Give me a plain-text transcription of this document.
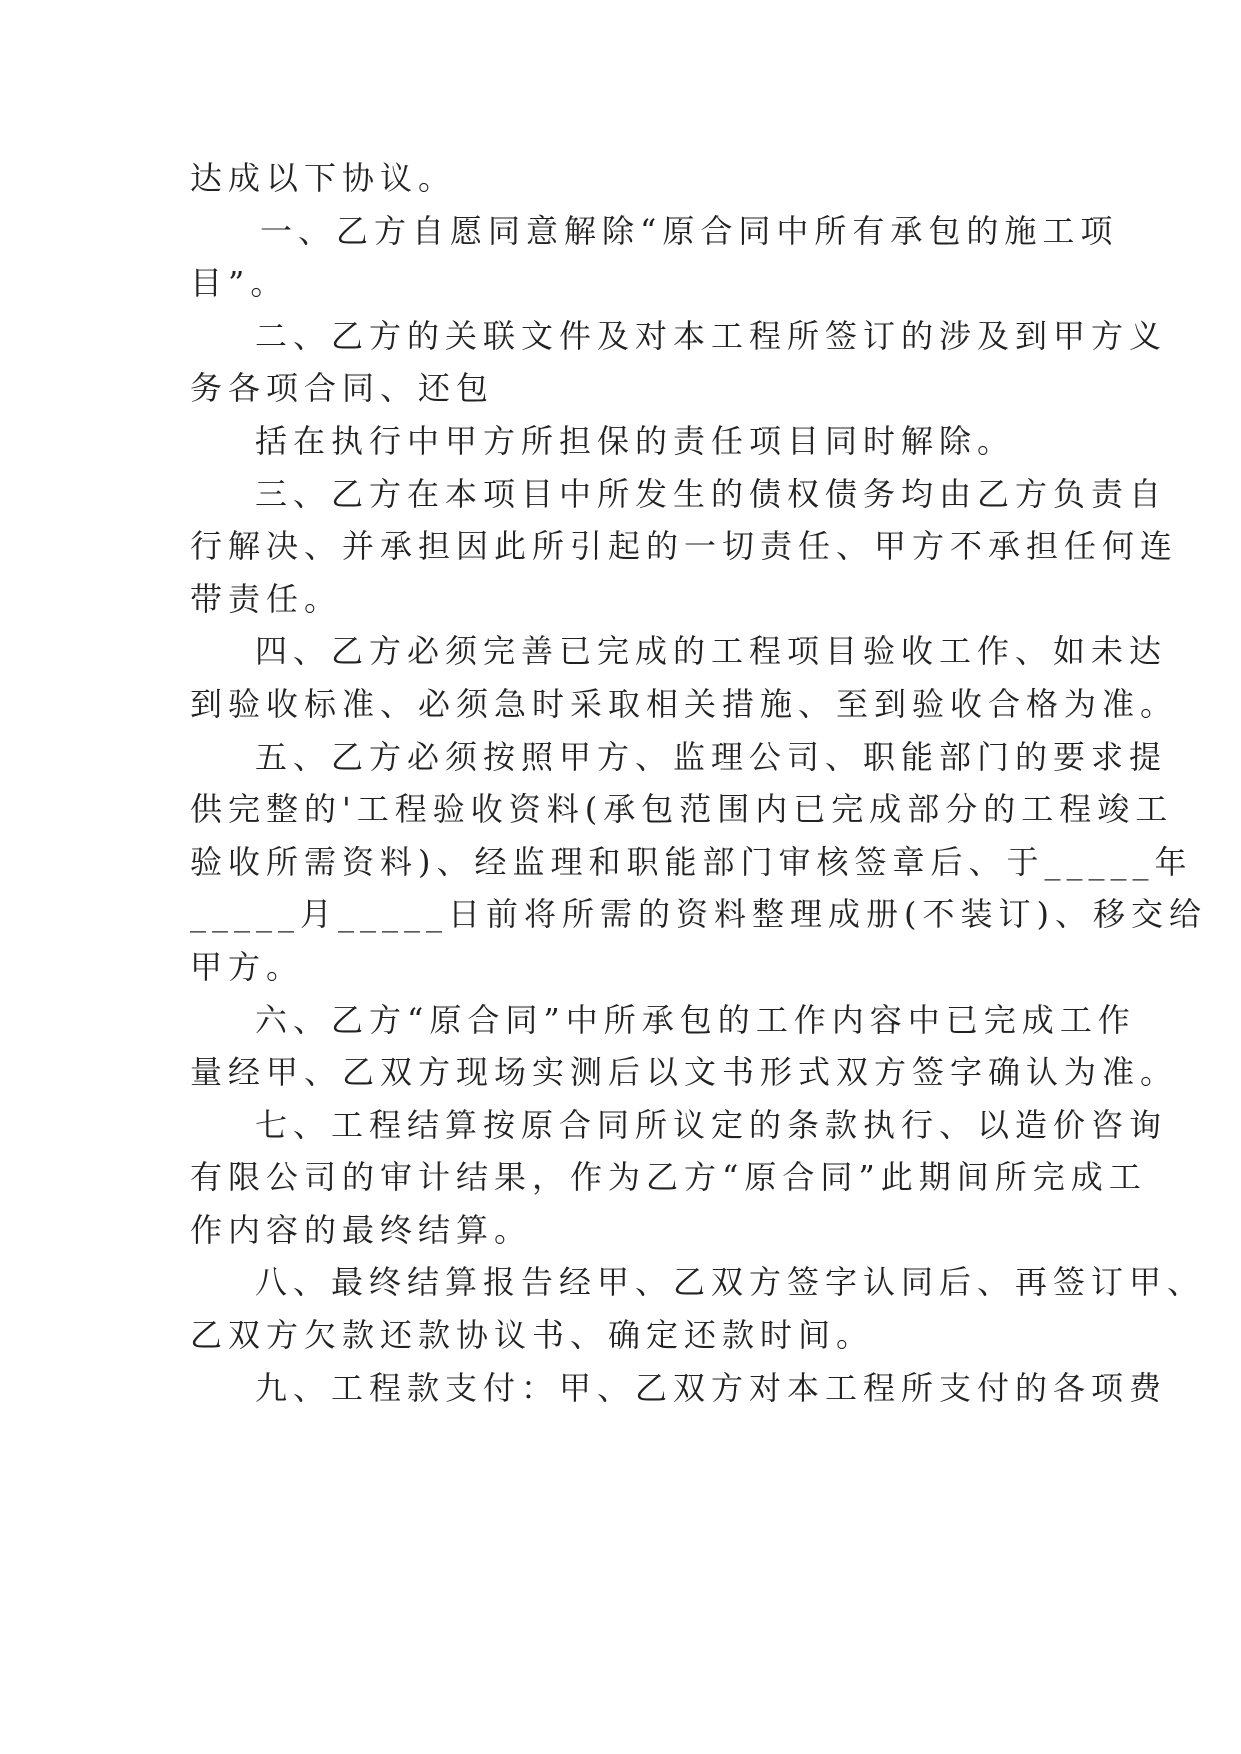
达成以下协议。
一、乙方自愿同意解除“原合同中所有承包的施工项
目”。
二、乙方的关联文件及对本工程所签订的涉及到甲方义
务各项合同、还包
括在执行中甲方所担保的责任项目同时解除。
三、乙方在本项目中所发生的债权债务均由乙方负责自
行解决、并承担因此所引起的一切责任、甲方不承担任何连
带责任。
四、乙方必须完善已完成的工程项目验收工作、如未达
到验收标准、必须急时采取相关措施、至到验收合格为准。
五、乙方必须按照甲方、监理公司、职能部门的要求提
供完整的'工程验收资料(承包范围内已完成部分的工程竣工
验收所需资料)、经监理和职能部门审核签章后、于_____年
_____月_____日前将所需的资料整理成册(不装订)、移交给
甲方。
六、乙方“原合同”中所承包的工作内容中已完成工作
量经甲、乙双方现场实测后以文书形式双方签字确认为准。
七、工程结算按原合同所议定的条款执行、以造价咨询
有限公司的审计结果，作为乙方“原合同”此期间所完成工
作内容的最终结算。
八、最终结算报告经甲、乙双方签字认同后、再签订甲、
乙双方欠款还款协议书、确定还款时间。
九、工程款支付：甲、乙双方对本工程所支付的各项费
